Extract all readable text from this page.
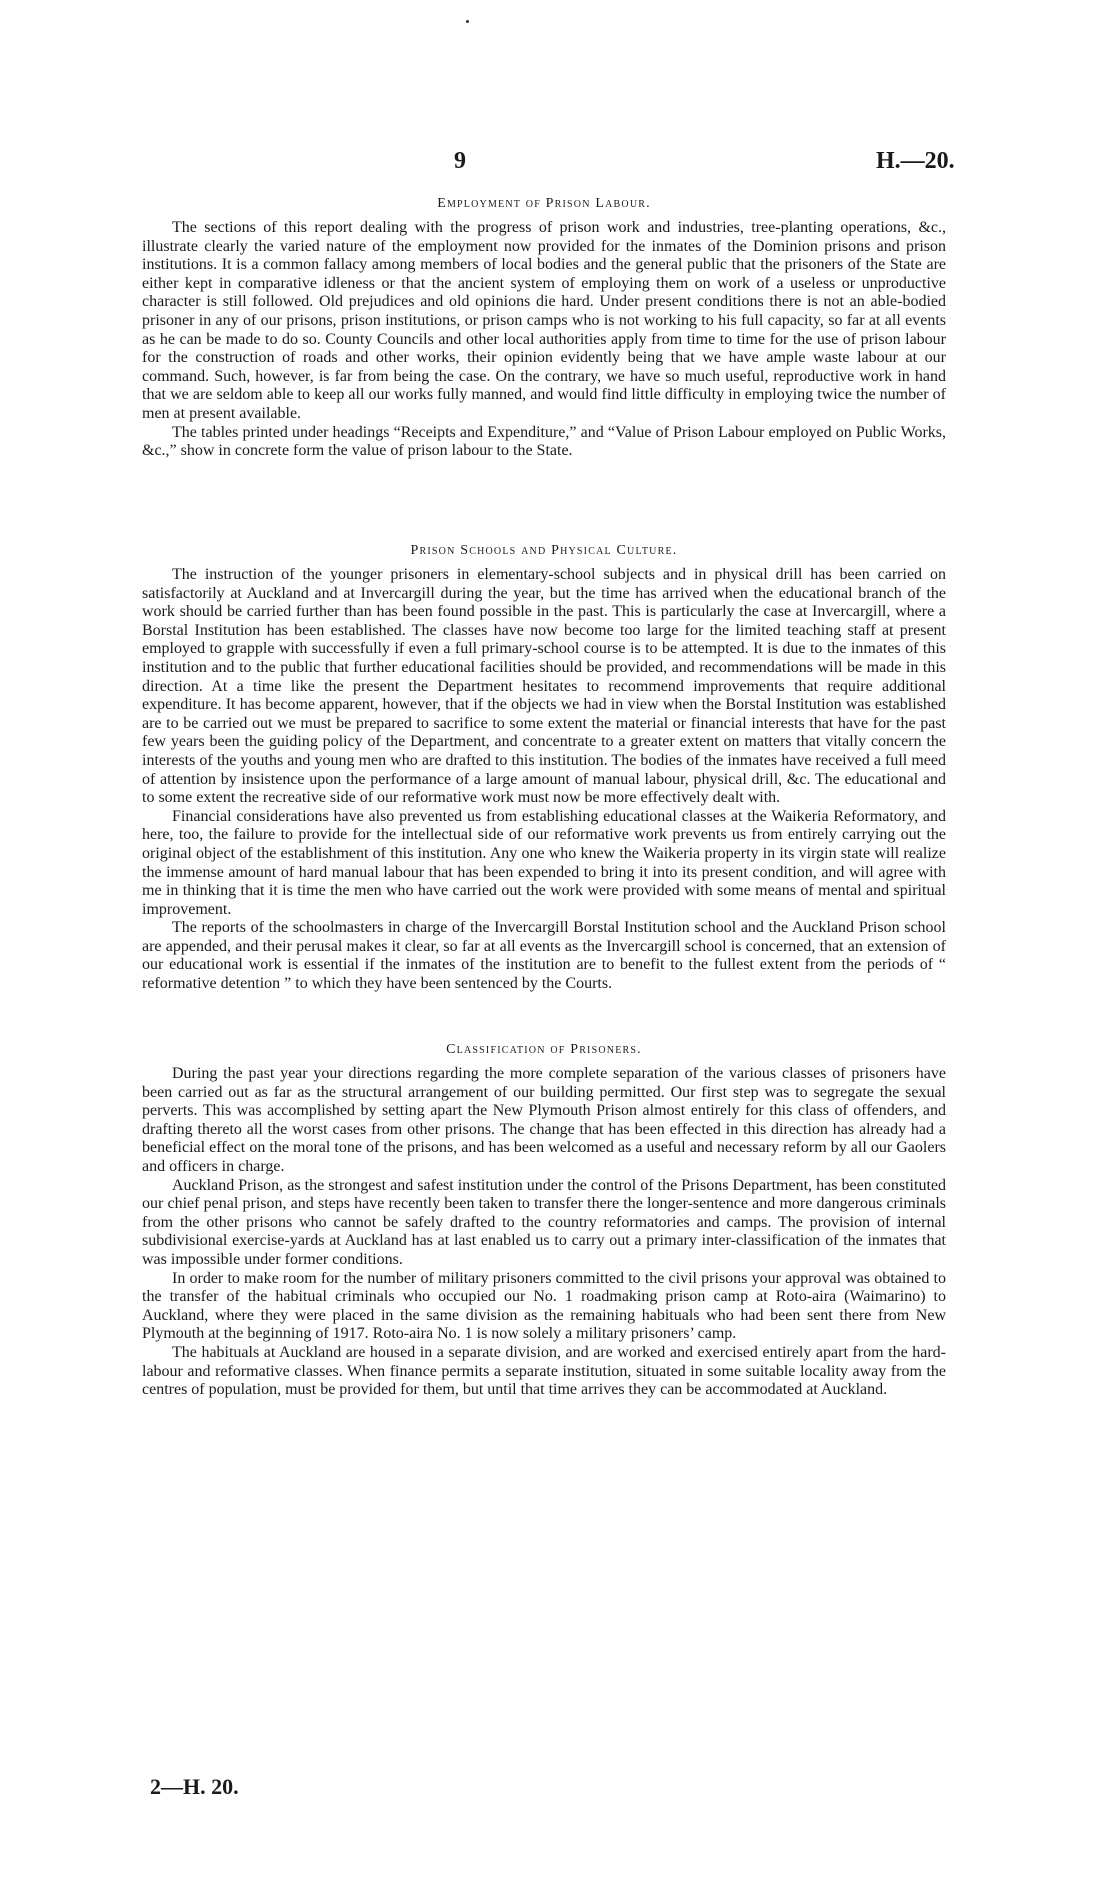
9	H.—20.
Employment of Prison Labour.

The sections of this report dealing with the progress of prison work and industries, tree-planting operations, &c., illustrate clearly the varied nature of the employment now provided for the inmates of the Dominion prisons and prison institutions. It is a common fallacy among members of local bodies and the general public that the prisoners of the State are either kept in comparative idleness or that the ancient system of employing them on work of a useless or unproductive character is still followed. Old prejudices and old opinions die hard. Under present conditions there is not an able-bodied prisoner in any of our prisons, prison institutions, or prison camps who is not working to his full capacity, so far at all events as he can be made to do so. County Councils and other local authorities apply from time to time for the use of prison labour for the construction of roads and other works, their opinion evidently being that we have ample waste labour at our command. Such, however, is far from being the case. On the contrary, we have so much useful, reproductive work in hand that we are seldom able to keep all our works fully manned, and would find little difficulty in employing twice the number of men at present available.

The tables printed under headings “Receipts and Expenditure,” and “Value of Prison Labour employed on Public Works, &c.,” show in concrete form the value of prison labour to the State.

Prison Schools and Physical Culture.

The instruction of the younger prisoners in elementary-school subjects and in physical drill has been carried on satisfactorily at Auckland and at Invercargill during the year, but the time has arrived when the educational branch of the work should be carried further than has been found possible in the past. This is particularly the case at Invercargill, where a Borstal Institution has been established. The classes have now become too large for the limited teaching staff at present employed to grapple with successfully if even a full primary-school course is to be attempted. It is due to the inmates of this institution and to the public that further educational facilities should be provided, and recommendations will be made in this direction. At a time like the present the Department hesitates to recommend improvements that require additional expenditure. It has become apparent, however, that if the objects we had in view when the Borstal Institution was established are to be carried out we must be prepared to sacrifice to some extent the material or financial interests that have for the past few years been the guiding policy of the Department, and concentrate to a greater extent on matters that vitally concern the interests of the youths and young men who are drafted to this institution. The bodies of the inmates have received a full meed of attention by insistence upon the performance of a large amount of manual labour, physical drill, &c. The educational and to some extent the recreative side of our reformative work must now be more effectively dealt with.

Financial considerations have also prevented us from establishing educational classes at the Waikeria Reformatory, and here, too, the failure to provide for the intellectual side of our reformative work prevents us from entirely carrying out the original object of the establishment of this institution. Any one who knew the Waikeria property in its virgin state will realize the immense amount of hard manual labour that has been expended to bring it into its present condition, and will agree with me in thinking that it is time the men who have carried out the work were provided with some means of mental and spiritual improvement.

The reports of the schoolmasters in charge of the Invercargill Borstal Institution school and the Auckland Prison school are appended, and their perusal makes it clear, so far at all events as the Invercargill school is concerned, that an extension of our educational work is essential if the inmates of the institution are to benefit to the fullest extent from the periods of “ reformative detention ” to which they have been sentenced by the Courts.

Classification of Prisoners.

During the past year your directions regarding the more complete separation of the various classes of prisoners have been carried out as far as the structural arrangement of our building permitted. Our first step was to segregate the sexual perverts. This was accomplished by setting apart the New Plymouth Prison almost entirely for this class of offenders, and drafting thereto all the worst cases from other prisons. The change that has been effected in this direction has already had a beneficial effect on the moral tone of the prisons, and has been welcomed as a useful and necessary reform by all our Gaolers and officers in charge.

Auckland Prison, as the strongest and safest institution under the control of the Prisons Department, has been constituted our chief penal prison, and steps have recently been taken to transfer there the longer-sentence and more dangerous criminals from the other prisons who cannot be safely drafted to the country reformatories and camps. The provision of internal subdivisional exercise-yards at Auckland has at last enabled us to carry out a primary inter-classification of the inmates that was impossible under former conditions.

In order to make room for the number of military prisoners committed to the civil prisons your approval was obtained to the transfer of the habitual criminals who occupied our No. 1 roadmaking prison camp at Roto-aira (Waimarino) to Auckland, where they were placed in the same division as the remaining habituals who had been sent there from New Plymouth at the beginning of 1917. Roto-aira No. 1 is now solely a military prisoners’ camp.

The habituals at Auckland are housed in a separate division, and are worked and exercised entirely apart from the hard-labour and reformative classes. When finance permits a separate institution, situated in some suitable locality away from the centres of population, must be provided for them, but until that time arrives they can be accommodated at Auckland.

2—H. 20.
